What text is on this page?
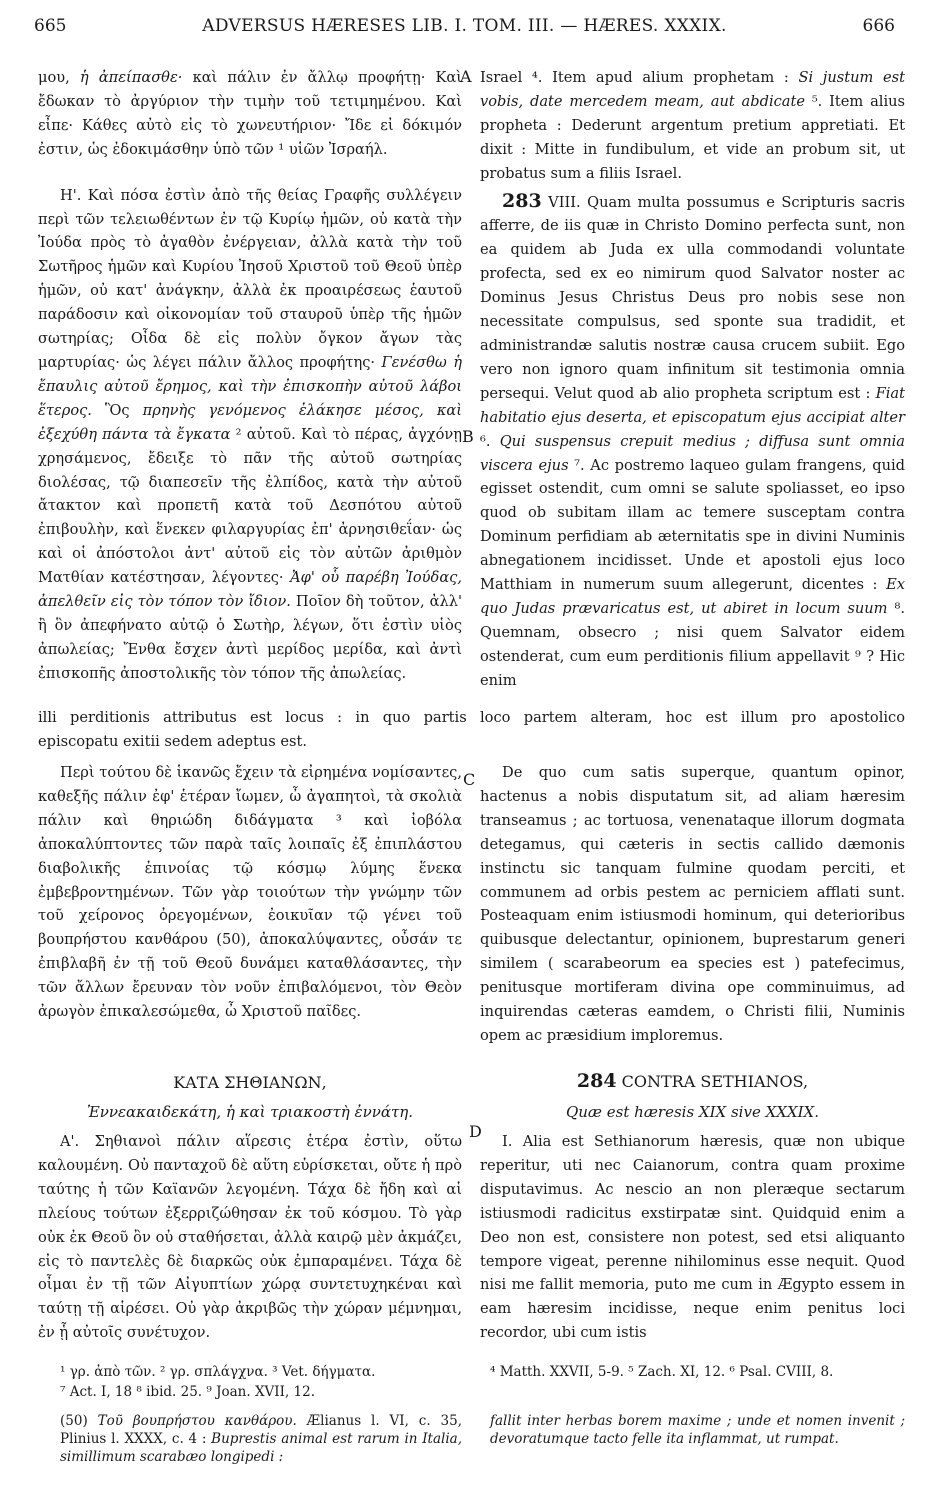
665	ADVERSUS HÆRESES LIB. I. TOM. III. — HÆRES. XXXIX.	666
A
B
C
D

μου, ἡ ἀπείπασθε· καὶ πάλιν ἐν ἄλλῳ προφήτῃ· Καὶ ἔδωκαν τὸ ἀργύριον τὴν τιμὴν τοῦ τετιμημένου. Καὶ εἶπε· Κάθες αὐτὸ εἰς τὸ χωνευτήριον· Ἴδε εἰ δόκιμόν ἐστιν, ὡς ἐδοκιμάσθην ὑπὸ τῶν ¹ υἱῶν Ἰσραήλ.

Η'. Καὶ πόσα ἐστὶν ἀπὸ τῆς θείας Γραφῆς συλλέγειν περὶ τῶν τελειωθέντων ἐν τῷ Κυρίῳ ἡμῶν, οὐ κατὰ τὴν Ἰούδα πρὸς τὸ ἀγαθὸν ἐνέργειαν, ἀλλὰ κατὰ τὴν τοῦ Σωτῆρος ἡμῶν καὶ Κυρίου Ἰησοῦ Χριστοῦ τοῦ Θεοῦ ὑπὲρ ἡμῶν, οὐ κατ' ἀνάγκην, ἀλλὰ ἐκ προαιρέσεως ἑαυτοῦ παράδοσιν καὶ οἰκονομίαν τοῦ σταυροῦ ὑπὲρ τῆς ἡμῶν σωτηρίας; Οἶδα δὲ εἰς πολὺν ὄγκον ἄγων τὰς μαρτυρίας· ὡς λέγει πάλιν ἄλλος προφήτης· Γενέσθω ἡ ἔπαυλις αὐτοῦ ἔρημος, καὶ τὴν ἐπισκοπὴν αὐτοῦ λάβοι ἕτερος. Ὃς πρηνὴς γενόμενος ἐλάκησε μέσος, καὶ ἐξεχύθη πάντα τὰ ἔγκατα ² αὐτοῦ. Καὶ τὸ πέρας, ἀγχόνῃ χρησάμενος, ἔδειξε τὸ πᾶν τῆς αὐτοῦ σωτηρίας διολέσας, τῷ διαπεσεῖν τῆς ἐλπίδος, κατὰ τὴν αὐτοῦ ἄτακτον καὶ προπετῆ κατὰ τοῦ Δεσπότου αὐτοῦ ἐπιβουλὴν, καὶ ἕνεκεν φιλαργυρίας ἐπ' ἀρνησιθεΐαν· ὡς καὶ οἱ ἀπόστολοι ἀντ' αὐτοῦ εἰς τὸν αὐτῶν ἀριθμὸν Ματθίαν κατέστησαν, λέγοντες· Ἀφ' οὗ παρέβη Ἰούδας, ἀπελθεῖν εἰς τὸν τόπον τὸν ἴδιον. Ποῖον δὴ τοῦτον, ἀλλ' ἢ ὃν ἀπεφήνατο αὐτῷ ὁ Σωτὴρ, λέγων, ὅτι ἐστὶν υἱὸς ἀπωλείας; Ἔνθα ἔσχεν ἀντὶ μερίδος μερίδα, καὶ ἀντὶ ἐπισκοπῆς ἀποστολικῆς τὸν τόπον τῆς ἀπωλείας.

Israel ⁴. Item apud alium prophetam : Si justum est vobis, date mercedem meam, aut abdicate ⁵. Item alius propheta : Dederunt argentum pretium appretiati. Et dixit : Mitte in fundibulum, et vide an probum sit, ut probatus sum a filiis Israel.

283 VIII. Quam multa possumus e Scripturis sacris afferre, de iis quæ in Christo Domino perfecta sunt, non ea quidem ab Juda ex ulla commodandi voluntate profecta, sed ex eo nimirum quod Salvator noster ac Dominus Jesus Christus Deus pro nobis sese non necessitate compulsus, sed sponte sua tradidit, et administrandæ salutis nostræ causa crucem subiit. Ego vero non ignoro quam infinitum sit testimonia omnia persequi. Velut quod ab alio propheta scriptum est : Fiat habitatio ejus deserta, et episcopatum ejus accipiat alter ⁶. Qui suspensus crepuit medius ; diffusa sunt omnia viscera ejus ⁷. Ac postremo laqueo gulam frangens, quid egisset ostendit, cum omni se salute spoliasset, eo ipso quod ob subitam illam ac temere susceptam contra Dominum perfidiam ab æternitatis spe in divini Numinis abnegationem incidisset. Unde et apostoli ejus loco Matthiam in numerum suum allegerunt, dicentes : Ex quo Judas prævaricatus est, ut abiret in locum suum ⁸. Quemnam, obsecro ; nisi quem Salvator eidem ostenderat, cum eum perditionis filium appellavit ⁹ ? Hic enim

illi perditionis attributus est locus : in quo partis loco partem alteram, hoc est illum pro apostolico
episcopatu exitii sedem adeptus est.

Περὶ τούτου δὲ ἱκανῶς ἔχειν τὰ εἰρημένα νομίσαντες, καθεξῆς πάλιν ἐφ' ἑτέραν ἴωμεν, ὦ ἀγαπητοὶ, τὰ σκολιὰ πάλιν καὶ θηριώδη διδάγματα ³ καὶ ἰοβόλα ἀποκαλύπτοντες τῶν παρὰ ταῖς λοιπαῖς ἐξ ἐπιπλάστου διαβολικῆς ἐπινοίας τῷ κόσμῳ λύμης ἕνεκα ἐμβεβροντημένων. Τῶν γὰρ τοιούτων τὴν γνώμην τῶν τοῦ χείρονος ὀρεγομένων, ἐοικυῖαν τῷ γένει τοῦ βουπρήστου κανθάρου (50), ἀποκαλύψαντες, οὖσάν τε ἐπιβλαβῆ ἐν τῇ τοῦ Θεοῦ δυνάμει καταθλάσαντες, τὴν τῶν ἄλλων ἔρευναν τὸν νοῦν ἐπιβαλόμενοι, τὸν Θεὸν ἀρωγὸν ἐπικαλεσώμεθα, ὦ Χριστοῦ παῖδες.

De quo cum satis superque, quantum opinor, hactenus a nobis disputatum sit, ad aliam hæresim transeamus ; ac tortuosa, venenataque illorum dogmata detegamus, qui cæteris in sectis callido dæmonis instinctu sic tanquam fulmine quodam perciti, et communem ad orbis pestem ac perniciem afflati sunt. Posteaquam enim istiusmodi hominum, qui deterioribus quibusque delectantur, opinionem, buprestarum generi similem ( scarabeorum ea species est ) patefecimus, penitusque mortiferam divina ope comminuimus, ad inquirendas cæteras eamdem, o Christi filii, Numinis opem ac præsidium imploremus.

ΚΑΤΑ ΣΗΘΙΑΝΩΝ,
Ἐννεακαιδεκάτη, ἡ καὶ τριακοστὴ ἐννάτη.
284 CONTRA SETHIANOS,
Quæ est hæresis XIX sive XXXIX.

Α'. Σηθιανοὶ πάλιν αἵρεσις ἑτέρα ἐστὶν, οὕτω καλουμένη. Οὐ πανταχοῦ δὲ αὕτη εὑρίσκεται, οὔτε ἡ πρὸ ταύτης ἡ τῶν Καϊανῶν λεγομένη. Τάχα δὲ ἤδη καὶ αἱ πλείους τούτων ἐξερριζώθησαν ἐκ τοῦ κόσμου. Τὸ γὰρ οὐκ ἐκ Θεοῦ ὂν οὐ σταθήσεται, ἀλλὰ καιρῷ μὲν ἀκμάζει, εἰς τὸ παντελὲς δὲ διαρκῶς οὐκ ἐμπαραμένει. Τάχα δὲ οἶμαι ἐν τῇ τῶν Αἰγυπτίων χώρᾳ συντετυχηκέναι καὶ ταύτῃ τῇ αἱρέσει. Οὐ γὰρ ἀκριβῶς τὴν χώραν μέμνημαι, ἐν ᾗ αὐτοῖς συνέτυχον.

I. Alia est Sethianorum hæresis, quæ non ubique reperitur, uti nec Caianorum, contra quam proxime disputavimus. Ac nescio an non pleræque sectarum istiusmodi radicitus exstirpatæ sint. Quidquid enim a Deo non est, consistere non potest, sed etsi aliquanto tempore vigeat, perenne nihilominus esse nequit. Quod nisi me fallit memoria, puto me cum in Ægypto essem in eam hæresim incidisse, neque enim penitus loci recordor, ubi cum istis

¹ γρ. ἀπὸ τῶν. ² γρ. σπλάγχνα. ³ Vet. δήγματα.
⁷ Act. I, 18 ⁸ ibid. 25. ⁹ Joan. XVII, 12.
⁴ Matth. XXVII, 5-9. ⁵ Zach. XI, 12. ⁶ Psal. CVIII, 8.
(50) Τοῦ βουπρήστου κανθάρου. Ælianus l. VI, c. 35, Plinius l. XXXX, c. 4 : Buprestis animal est rarum in Italia, simillimum scarabæo longipedi :
fallit inter herbas borem maxime ; unde et nomen invenit ; devoratumque tacto felle ita inflammat, ut rumpat.
